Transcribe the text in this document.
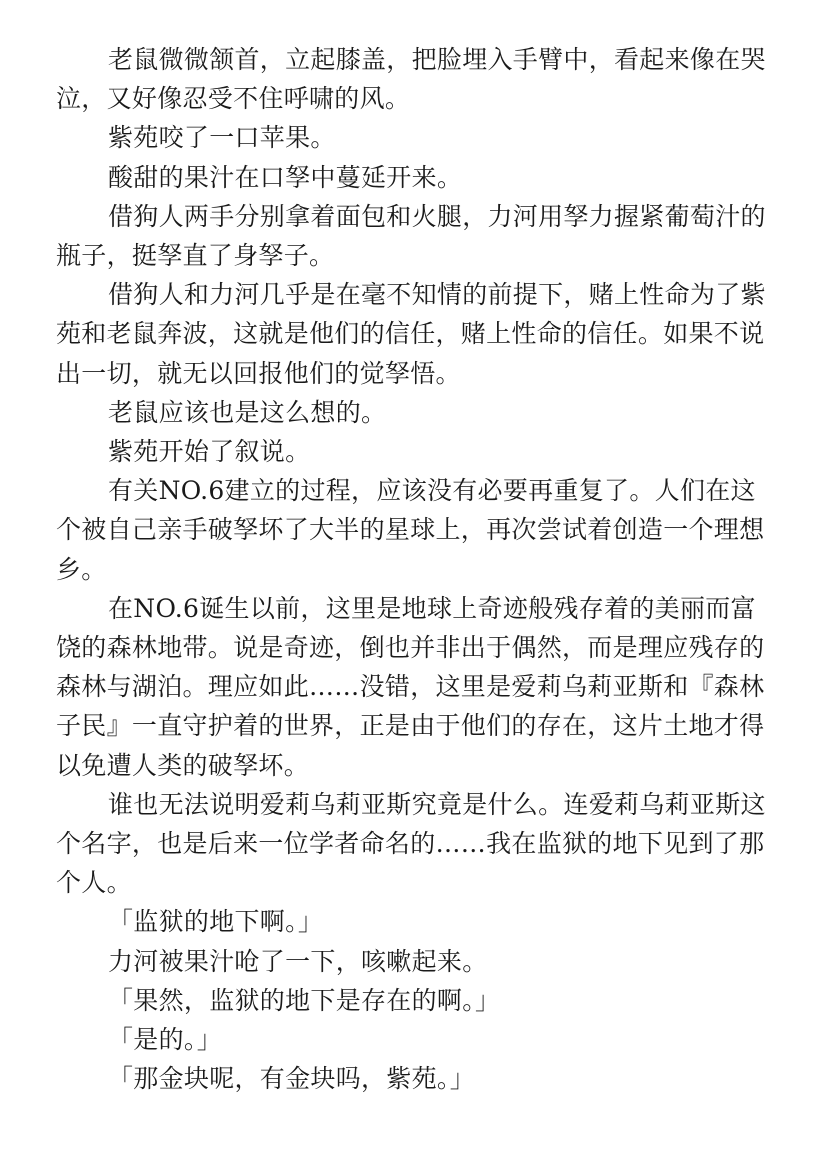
老鼠微微颔首，立起膝盖，把脸埋入手臂中，看起来像在哭泣，又好像忍受不住呼啸的风。

紫苑咬了一口苹果。

酸甜的果汁在口孥中蔓延开来。

借狗人两手分别拿着面包和火腿，力河用孥力握紧葡萄汁的瓶子，挺孥直了身孥子。

借狗人和力河几乎是在毫不知情的前提下，赌上性命为了紫苑和老鼠奔波，这就是他们的信任，赌上性命的信任。如果不说出一切，就无以回报他们的觉孥悟。

老鼠应该也是这么想的。

紫苑开始了叙说。

有关NO.6建立的过程，应该没有必要再重复了。人们在这个被自己亲手破孥坏了大半的星球上，再次尝试着创造一个理想乡。

在NO.6诞生以前，这里是地球上奇迹般残存着的美丽而富饶的森林地带。说是奇迹，倒也并非出于偶然，而是理应残存的森林与湖泊。理应如此……没错，这里是爱莉乌莉亚斯和『森林子民』一直守护着的世界，正是由于他们的存在，这片土地才得以免遭人类的破孥坏。

谁也无法说明爱莉乌莉亚斯究竟是什么。连爱莉乌莉亚斯这个名字，也是后来一位学者命名的……我在监狱的地下见到了那个人。

「监狱的地下啊。」

力河被果汁呛了一下，咳嗽起来。

「果然，监狱的地下是存在的啊。」

「是的。」

「那金块呢，有金块吗，紫苑。」
